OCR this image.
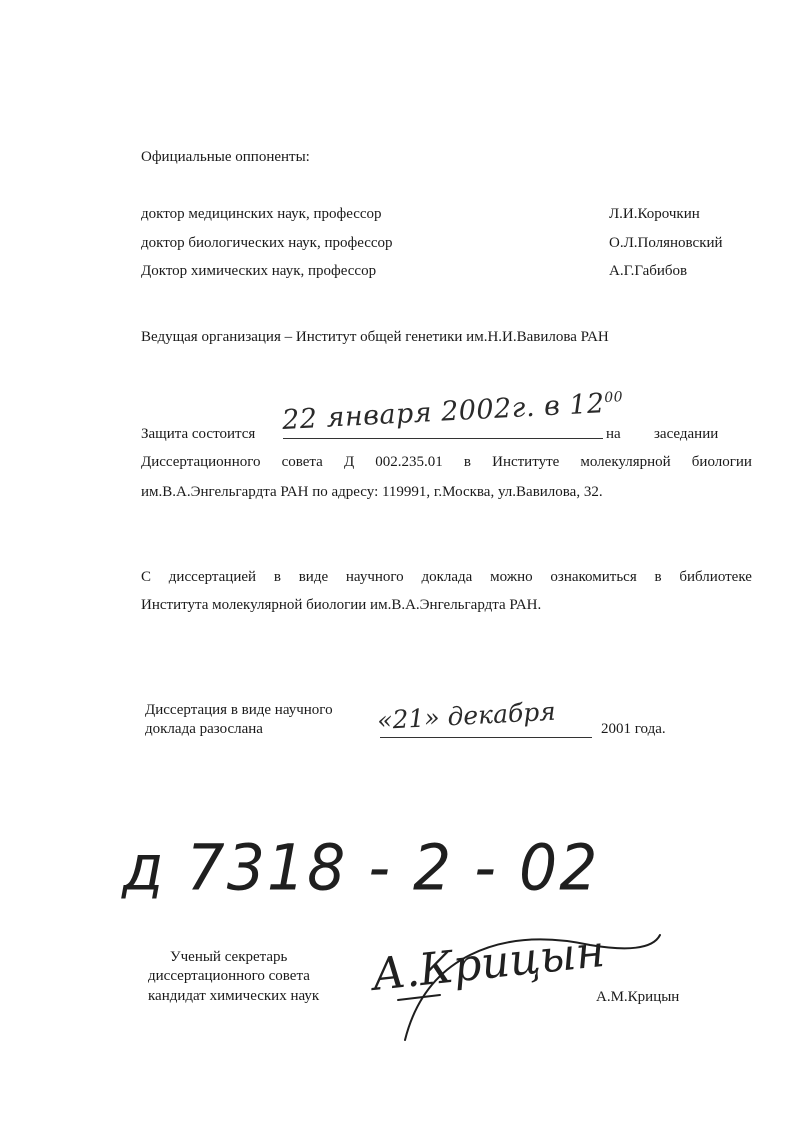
Официальные оппоненты:
доктор медицинских наук, профессор	Л.И.Корочкин
доктор биологических наук, профессор	О.Л.Поляновский
Доктор химических наук, профессор	А.Г.Габибов
Ведущая организация – Институт общей генетики им.Н.И.Вавилова РАН
Защита состоится 22 января 2002г. в $12^{00}$
на заседании
Диссертационного совета Д 002.235.01 в Институте молекулярной биологии
им.В.А.Энгельгардта РАН по адресу: 119991, г.Москва, ул.Вавилова, 32.
С диссертацией в виде научного доклада можно ознакомиться в библиотеке
Института молекулярной биологии им.В.А.Энгельгардта РАН.
Диссертация в виде научного
доклада разослана	«21» декабря	2001 года.
д 7318 - 2 - 02
Ученый секретарь
диссертационного совета
кандидат химических наук А.Крицын
А.М.Крицын
